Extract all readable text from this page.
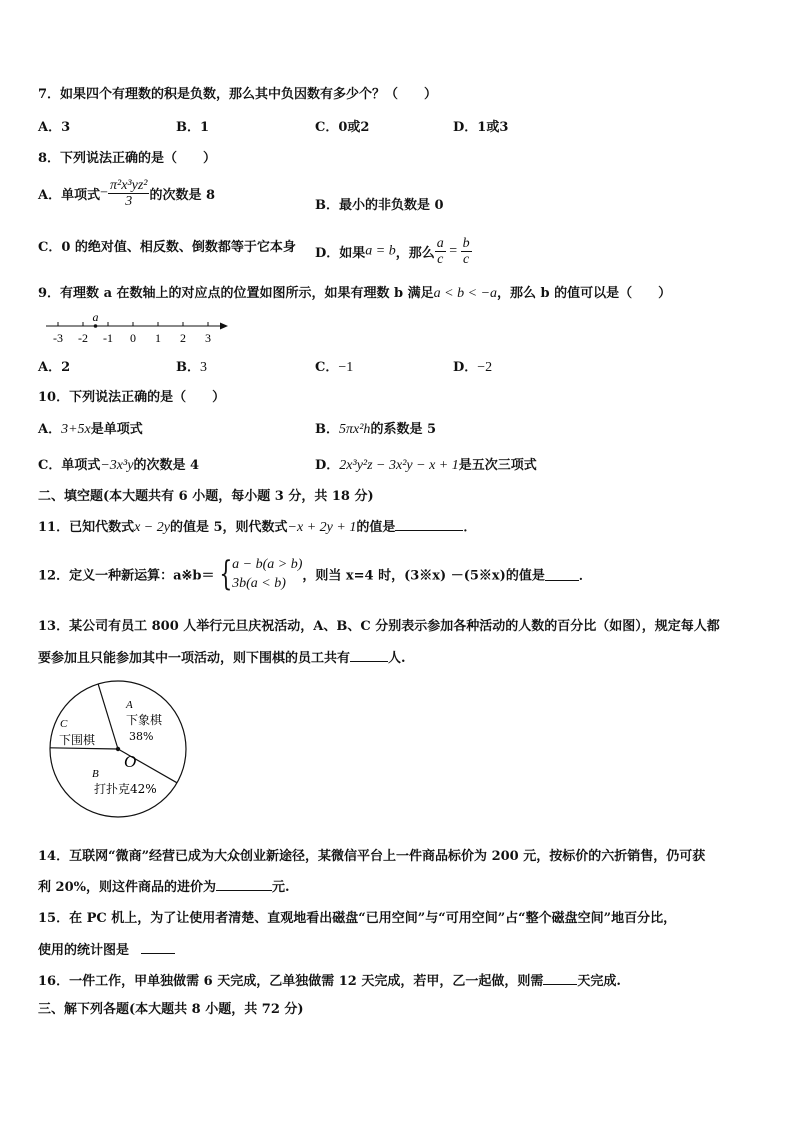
7．如果四个有理数的积是负数，那么其中负因数有多少个？（　　）
A．3	B．1	C．0或2	D．1或3
8．下列说法正确的是（　　）
A．单项式− $\frac{\text{π²x³yz²}}{3}$ 的次数是 8
B．最小的非负数是 0
C．0 的绝对值、相反数、倒数都等于它本身 D．如果a = b，那么 $\frac{a}{c} = \frac{b}{c}$
9．有理数 a 在数轴上的对应点的位置如图所示，如果有理数 b 满足a < b < −a，那么 b 的值可以是（　　）
-3 -2 -1 0 1 2 3
a
A．2	B．3	C．−1	D．−2
10．下列说法正确的是（　　）
A．3+5x是单项式	B．5πx²h的系数是 5
C．单项式−3x³y的次数是 4	D．2x³y²z − 3x²y − x + 1是五次三项式
二、填空题(本大题共有 6 小题，每小题 3 分，共 18 分)
11．已知代数式x − 2y的值是 5，则代数式−x + 2y + 1的值是	．
12．定义一种新运算：a※b＝ { a − b(a > b)
3b(a < b)	，则当 x=4 时，(3※x) －(5※x)的值是	．
13．某公司有员工 800 人举行元旦庆祝活动，A、B、C 分别表示参加各种活动的人数的百分比（如图），规定每人都
要参加且只能参加其中一项活动，则下围棋的员工共有	人.
O
A
下象棋
38%
B
打扑克42%
C
下围棋
14．互联网“微商”经营已成为大众创业新途径，某微信平台上一件商品标价为 200 元，按标价的六折销售，仍可获
利 20%，则这件商品的进价为	元.
15．在 PC 机上，为了让使用者清楚、直观地看出磁盘“已用空间”与“可用空间”占“整个磁盘空间”地百分比，
使用的统计图是
16．一件工作，甲单独做需 6 天完成，乙单独做需 12 天完成，若甲，乙一起做，则需	天完成.
三、解下列各题(本大题共 8 小题，共 72 分)
